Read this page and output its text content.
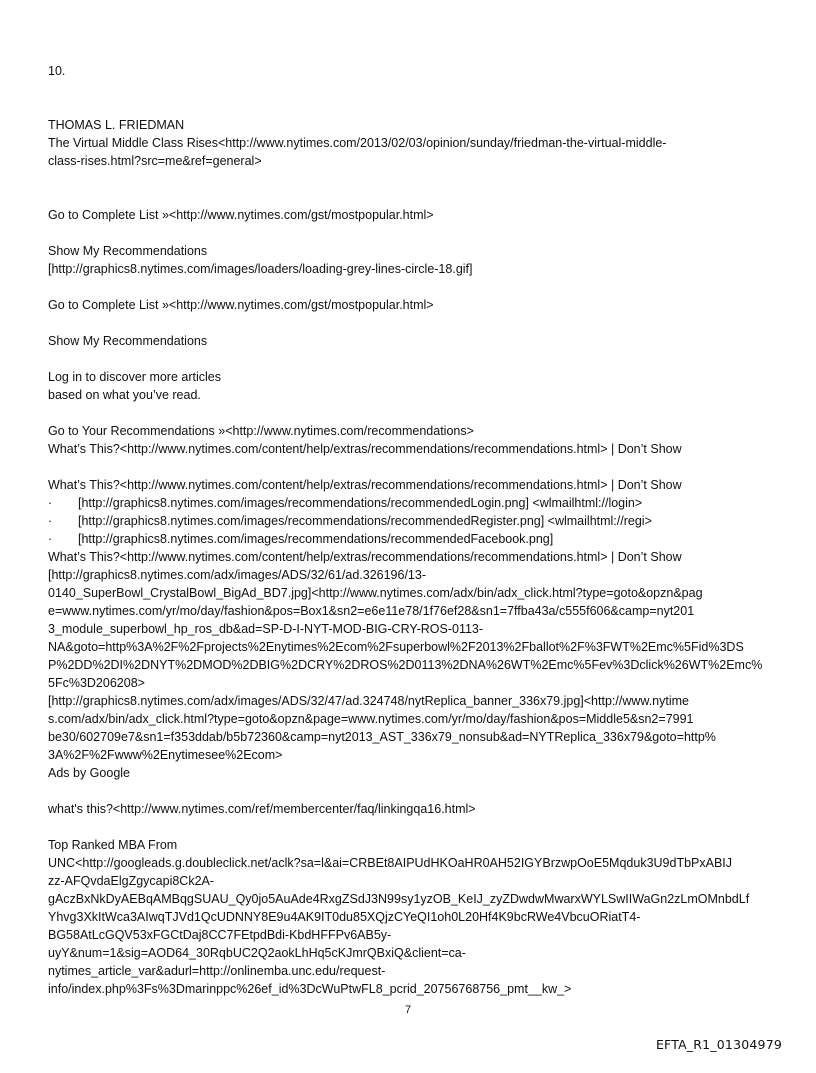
10.
THOMAS L. FRIEDMAN
The Virtual Middle Class Rises<http://www.nytimes.com/2013/02/03/opinion/sunday/friedman-the-virtual-middle-
class-rises.html?src=me&ref=general>
Go to Complete List »<http://www.nytimes.com/gst/mostpopular.html>
Show My Recommendations
[http://graphics8.nytimes.com/images/loaders/loading-grey-lines-circle-18.gif]
Go to Complete List »<http://www.nytimes.com/gst/mostpopular.html>
Show My Recommendations
Log in to discover more articles
based on what you’ve read.
Go to Your Recommendations »<http://www.nytimes.com/recommendations>
What’s This?<http://www.nytimes.com/content/help/extras/recommendations/recommendations.html> | Don’t Show
What’s This?<http://www.nytimes.com/content/help/extras/recommendations/recommendations.html> | Don’t Show
· [http://graphics8.nytimes.com/images/recommendations/recommendedLogin.png] <wlmailhtml://login>
· [http://graphics8.nytimes.com/images/recommendations/recommendedRegister.png] <wlmailhtml://regi>
· [http://graphics8.nytimes.com/images/recommendations/recommendedFacebook.png]
What’s This?<http://www.nytimes.com/content/help/extras/recommendations/recommendations.html> | Don’t Show
[http://graphics8.nytimes.com/adx/images/ADS/32/61/ad.326196/13-
0140_SuperBowl_CrystalBowl_BigAd_BD7.jpg]<http://www.nytimes.com/adx/bin/adx_click.html?type=goto&opzn&pag
e=www.nytimes.com/yr/mo/day/fashion&pos=Box1&sn2=e6e11e78/1f76ef28&sn1=7ffba43a/c555f606&camp=nyt201
3_module_superbowl_hp_ros_db&ad=SP-D-I-NYT-MOD-BIG-CRY-ROS-0113-
NA&goto=http%3A%2F%2Fprojects%2Enytimes%2Ecom%2Fsuperbowl%2F2013%2Fballot%2F%3FWT%2Emc%5Fid%3DS
P%2DD%2DI%2DNYT%2DMOD%2DBIG%2DCRY%2DROS%2D0113%2DNA%26WT%2Emc%5Fev%3Dclick%26WT%2Emc%
5Fc%3D206208>
[http://graphics8.nytimes.com/adx/images/ADS/32/47/ad.324748/nytReplica_banner_336x79.jpg]<http://www.nytime
s.com/adx/bin/adx_click.html?type=goto&opzn&page=www.nytimes.com/yr/mo/day/fashion&pos=Middle5&sn2=7991
be30/602709e7&sn1=f353ddab/b5b72360&camp=nyt2013_AST_336x79_nonsub&ad=NYTReplica_336x79&goto=http%
3A%2F%2Fwww%2Enytimesee%2Ecom>
Ads by Google
what's this?<http://www.nytimes.com/ref/membercenter/faq/linkingqa16.html>
Top Ranked MBA From
UNC<http://googleads.g.doubleclick.net/aclk?sa=l&ai=CRBEt8AIPUdHKOaHR0AH52IGYBrzwpOoE5Mqduk3U9dTbPxABIJ
zz-AFQvdaElgZgycapi8Ck2A-
gAczBxNkDyAEBqAMBqgSUAU_Qy0jo5AuAde4RxgZSdJ3N99sy1yzOB_KeIJ_zyZDwdwMwarxWYLSwIIWaGn2zLmOMnbdLf
Yhvg3XkItWca3AIwqTJVd1QcUDNNY8E9u4AK9IT0du85XQjzCYeQI1oh0L20Hf4K9bcRWe4VbcuORiatT4-
BG58AtLcGQV53xFGCtDaj8CC7FEtpdBdi-KbdHFFPv6AB5y-
uyY&num=1&sig=AOD64_30RqbUC2Q2aokLhHq5cKJmrQBxiQ&client=ca-
nytimes_article_var&adurl=http://onlinemba.unc.edu/request-
info/index.php%3Fs%3Dmarinppc%26ef_id%3DcWuPtwFL8_pcrid_20756768756_pmt__kw_>
7
EFTA_R1_01304979
